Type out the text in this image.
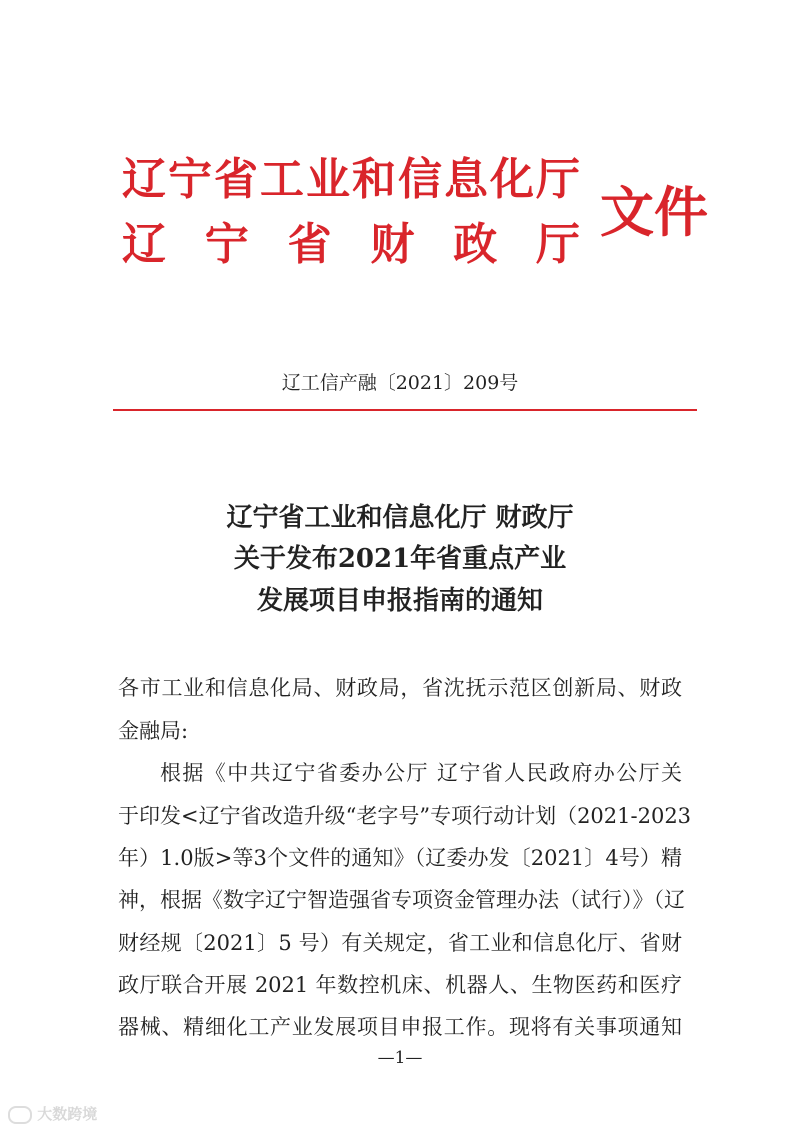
辽宁省工业和信息化厅
辽宁省财政厅
文件
辽工信产融〔2021〕209号
辽宁省工业和信息化厅 财政厅
关于发布2021年省重点产业
发展项目申报指南的通知
各市工业和信息化局、财政局，省沈抚示范区创新局、财政
金融局:
根据《中共辽宁省委办公厅 辽宁省人民政府办公厅关
于印发<辽宁省改造升级“老字号”专项行动计划（2021-2023
年）1.0版>等3个文件的通知》（辽委办发〔2021〕4号）精
神，根据《数字辽宁智造强省专项资金管理办法（试行）》（辽
财经规〔2021〕5 号）有关规定，省工业和信息化厅、省财
政厅联合开展 2021 年数控机床、机器人、生物医药和医疗
器械、精细化工产业发展项目申报工作。现将有关事项通知
—1—
大数跨境
